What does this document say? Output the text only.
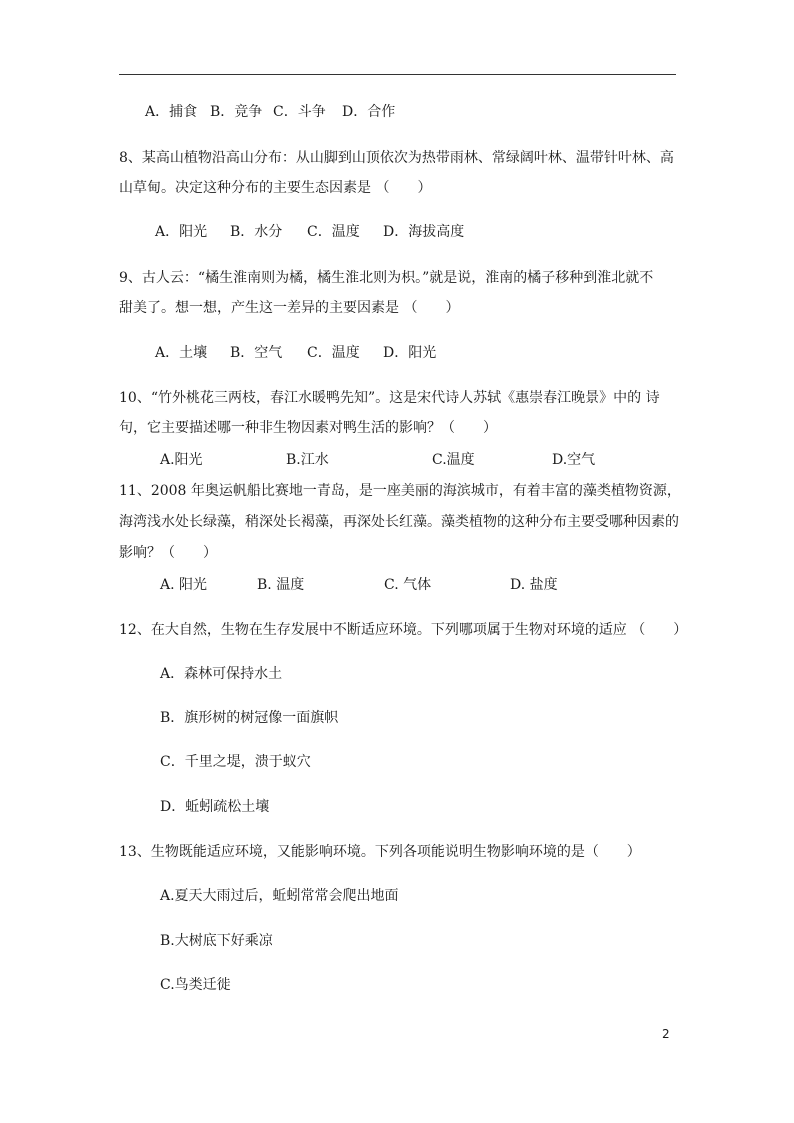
A．捕食 B．竞争 C．斗争 D．合作
8、某高山植物沿高山分布：从山脚到山顶依次为热带雨林、常绿阔叶林、温带针叶林、高
山草甸。决定这种分布的主要生态因素是 （　　）
A．阳光 B．水分 C．温度 D．海拔高度
9、古人云：“橘生淮南则为橘，橘生淮北则为枳。”就是说，淮南的橘子移种到淮北就不
甜美了。想一想，产生这一差异的主要因素是 （　　）
A．土壤 B．空气 C．温度 D．阳光
10、“竹外桃花三两枝，春江水暖鸭先知”。这是宋代诗人苏轼《惠崇春江晚景》中的 诗
句，它主要描述哪一种非生物因素对鸭生活的影响？（　　）
A.阳光	B.江水	C.温度	D.空气
11、2008 年奥运帆船比赛地一青岛，是一座美丽的海滨城市，有着丰富的藻类植物资源，
海湾浅水处长绿藻，稍深处长褐藻，再深处长红藻。藻类植物的这种分布主要受哪种因素的
影响？（　　）
A. 阳光	B. 温度	C. 气体	D. 盐度
12、在大自然，生物在生存发展中不断适应环境。下列哪项属于生物对环境的适应 （　　）
A．森林可保持水土
B．旗形树的树冠像一面旗帜
C．千里之堤，溃于蚁穴
D．蚯蚓疏松土壤
13、生物既能适应环境，又能影响环境。下列各项能说明生物影响环境的是（　　）
A.夏天大雨过后，蚯蚓常常会爬出地面
B.大树底下好乘凉
C.鸟类迁徙
2
